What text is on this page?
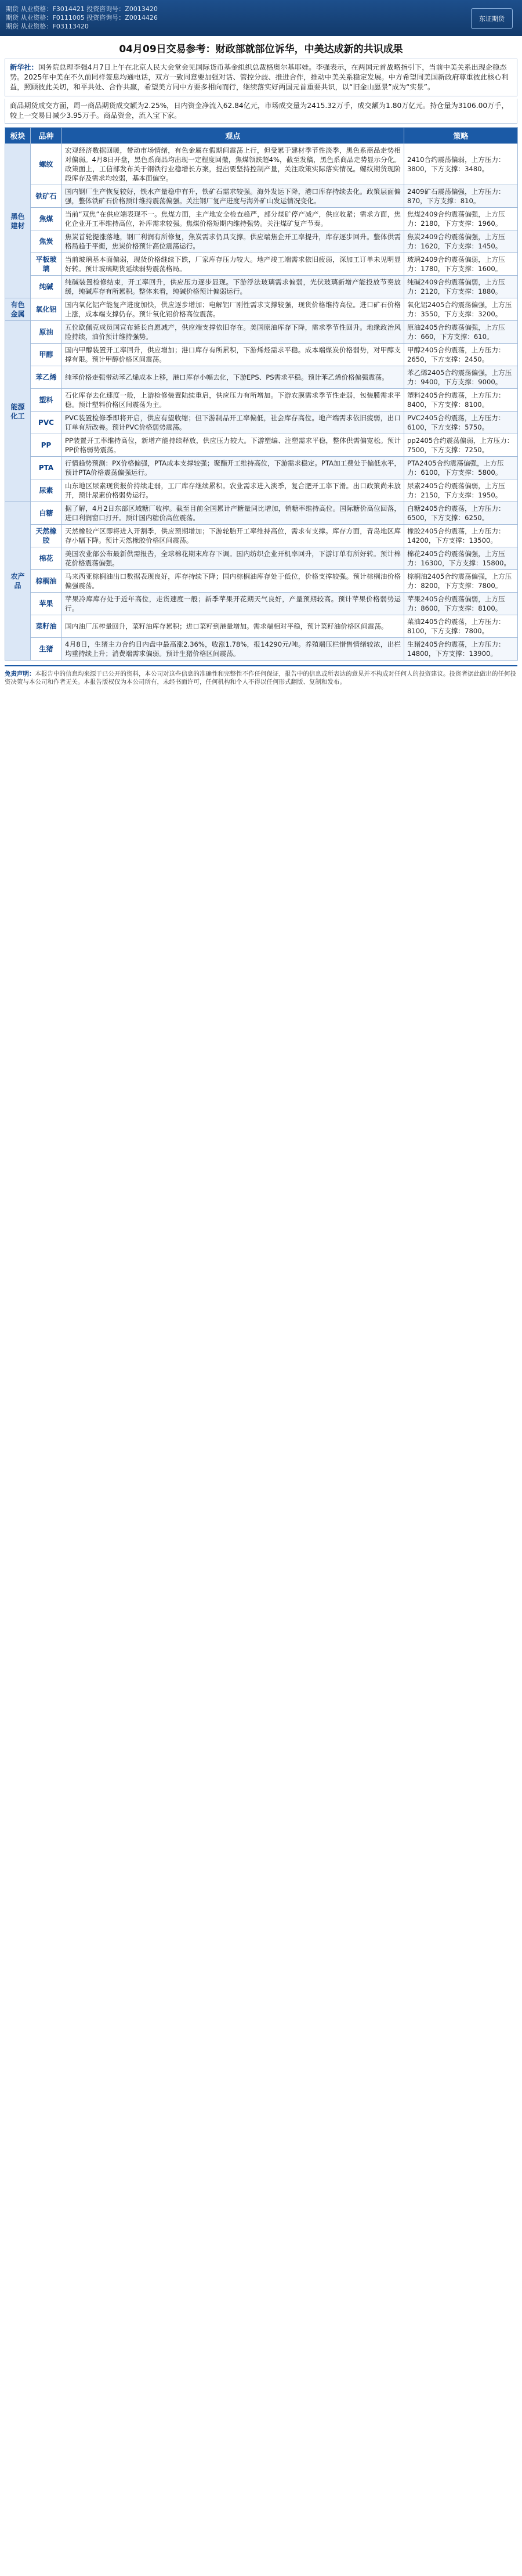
期货 从业资格：F3014421 投资咨询号：Z0013420
期货 从业资格：F0111005 投资咨询号：Z0014426
期货 从业资格：F03113420
东证期货
04月09日交易参考：财政部就部位诉华，中美达成新的共识成果
新华社：国务院总理李强4月7日上午在北京人民大会堂会见国际货币基金组织总裁格奥尔基耶娃。李强表示，在两国元首战略指引下，当前中美关系出现企稳态势。2025年中美在不久前同样签息均通电话，双方一致同意要加强对话、管控分歧、推进合作，推动中美关系稳定发展。中方希望同美国新政府尊重彼此核心利益，照顾彼此关切，和平共处、合作共赢，希望美方同中方要多相向而行，继续落实好两国元首重要共识，以“旧金山愿景”成为“实景”。
商品期货成交方面，周一商品期货成交额为2.25%，日内资金净流入62.84亿元，市场成交量为2415.32万手，成交额为1.80万亿元。持仓量为3106.00万手，较上一交易日减少3.95万手。商品资金，流入宝下家。
板块	品种	观点	策略
黑色建材	螺纹	宏观经济数据回暖，带动市场情绪，有色金属在假期间震荡上行，但受累于建材季节性淡季，黑色系商品走势相对偏弱。4月8日开盘，黑色系商品均出现一定程度回撤，焦煤领跌超4%，截至发稿，黑色系商品走势显示分化。政策面上，工信部发布关于钢铁行业稳增长方案，提出要坚持控制产量，关注政策实际落实情况。螺纹期货现阶段库存及需求均较弱，基本面偏空。	2410合约震荡偏弱，上方压力：3800，下方支撑：3480。
	铁矿石	国内钢厂生产恢复较好，铁水产量稳中有升，铁矿石需求较强。海外发运下降，港口库存持续去化。政策层面偏强，整体铁矿石价格预计维持震荡偏强。关注钢厂复产进度与海外矿山发运情况变化。	2409矿石震荡偏强，上方压力：870，下方支撑：810。
	焦煤	当前“双焦”在供应端表现不一。焦煤方面，主产地安全检查趋严，部分煤矿停产减产，供应收紧；需求方面，焦化企业开工率维持高位，补库需求较强。焦煤价格短期内维持强势。关注煤矿复产节奏。	焦煤2409合约震荡偏强，上方压力：2180，下方支撑：1960。
	焦炭	焦炭首轮提涨落地，钢厂利润有所修复，焦炭需求仍具支撑。供应端焦企开工率提升，库存逐步回升。整体供需格局趋于平衡，焦炭价格预计高位震荡运行。	焦炭2409合约震荡偏强，上方压力：1620，下方支撑：1450。
	平板玻璃	当前玻璃基本面偏弱，现货价格继续下跌，厂家库存压力较大。地产竣工端需求依旧疲弱，深加工订单未见明显好转。预计玻璃期货延续弱势震荡格局。	玻璃2409合约震荡偏弱，上方压力：1780，下方支撑：1600。
	纯碱	纯碱装置检修结束，开工率回升，供应压力逐步显现。下游浮法玻璃需求偏弱，光伏玻璃新增产能投放节奏放缓，纯碱库存有所累积。整体来看，纯碱价格预计偏弱运行。	纯碱2409合约震荡偏弱，上方压力：2120，下方支撑：1880。
有色金属	氧化铝	国内氧化铝产能复产进度加快，供应逐步增加；电解铝厂刚性需求支撑较强，现货价格维持高位。进口矿石价格上涨，成本端支撑仍存。预计氧化铝价格高位震荡。	氧化铝2405合约震荡偏强，上方压力：3550，下方支撑：3200。
能源化工	原油	五位欧佩克成员国宣布延长自愿减产，供应端支撑依旧存在。美国原油库存下降，需求季节性回升。地缘政治风险持续，油价预计维持强势。	原油2405合约震荡偏强，上方压力：660，下方支撑：610。
	甲醇	国内甲醇装置开工率回升，供应增加；港口库存有所累积，下游烯烃需求平稳。成本端煤炭价格弱势，对甲醇支撑有限。预计甲醇价格区间震荡。	甲醇2405合约震荡，上方压力：2650，下方支撑：2450。
	苯乙烯	纯苯价格走强带动苯乙烯成本上移，港口库存小幅去化，下游EPS、PS需求平稳。预计苯乙烯价格偏强震荡。	苯乙烯2405合约震荡偏强，上方压力：9400，下方支撑：9000。
	塑料	石化库存去化速度一般，上游检修装置陆续重启，供应压力有所增加。下游农膜需求季节性走弱，包装膜需求平稳。预计塑料价格区间震荡为主。	塑料2405合约震荡，上方压力：8400，下方支撑：8100。
	PVC	PVC装置检修季即将开启，供应有望收缩；但下游制品开工率偏低，社会库存高位。地产端需求依旧疲弱，出口订单有所改善。预计PVC价格弱势震荡。	PVC2405合约震荡，上方压力：6100，下方支撑：5750。
	PP	PP装置开工率维持高位，新增产能持续释放，供应压力较大。下游塑编、注塑需求平稳，整体供需偏宽松。预计PP价格弱势震荡。	pp2405合约震荡偏弱，上方压力：7500，下方支撑：7250。
	PTA	行情趋势预测：PX价格偏强，PTA成本支撑较强；聚酯开工维持高位，下游需求稳定。PTA加工费处于偏低水平，预计PTA价格震荡偏强运行。	PTA2405合约震荡偏强，上方压力：6100，下方支撑：5800。
	尿素	山东地区尿素现货报价持续走弱，工厂库存继续累积。农业需求进入淡季，复合肥开工率下滑。出口政策尚未放开，预计尿素价格弱势运行。	尿素2405合约震荡偏弱，上方压力：2150，下方支撑：1950。
农产品	白糖	据了解，4月2日东部区域糖厂收榨。截至目前全国累计产糖量同比增加，销糖率维持高位。国际糖价高位回落，进口利润窗口打开。预计国内糖价高位震荡。	白糖2405合约震荡，上方压力：6500，下方支撑：6250。
	天然橡胶	天然橡胶产区即将进入开割季，供应预期增加；下游轮胎开工率维持高位，需求有支撑。库存方面，青岛地区库存小幅下降。预计天然橡胶价格区间震荡。	橡胶2405合约震荡，上方压力：14200，下方支撑：13500。
	棉花	美国农业部公布最新供需报告，全球棉花期末库存下调。国内纺织企业开机率回升，下游订单有所好转。预计棉花价格震荡偏强。	棉花2405合约震荡偏强，上方压力：16300，下方支撑：15800。
	棕榈油	马来西亚棕榈油出口数据表现良好，库存持续下降；国内棕榈油库存处于低位，价格支撑较强。预计棕榈油价格偏强震荡。	棕榈油2405合约震荡偏强，上方压力：8200，下方支撑：7800。
	苹果	苹果冷库库存处于近年高位，走货速度一般；新季苹果开花期天气良好，产量预期较高。预计苹果价格弱势运行。	苹果2405合约震荡偏弱，上方压力：8600，下方支撑：8100。
	菜籽油	国内油厂压榨量回升，菜籽油库存累积；进口菜籽到港量增加。需求端相对平稳，预计菜籽油价格区间震荡。	菜油2405合约震荡，上方压力：8100，下方支撑：7800。
	生猪	4月8日，生猪主力合约日内盘中最高涨2.36%，收涨1.78%，报14290元/吨。养殖端压栏惜售情绪较浓，出栏均重持续上升；消费端需求偏弱。预计生猪价格区间震荡。	生猪2405合约震荡，上方压力：14800，下方支撑：13900。
免责声明：本报告中的信息均来源于已公开的资料，本公司对这些信息的准确性和完整性不作任何保证，报告中的信息或所表达的意见并不构成对任何人的投资建议。投资者据此做出的任何投资决策与本公司和作者无关。本报告版权仅为本公司所有，未经书面许可，任何机构和个人不得以任何形式翻版、复制和发布。
